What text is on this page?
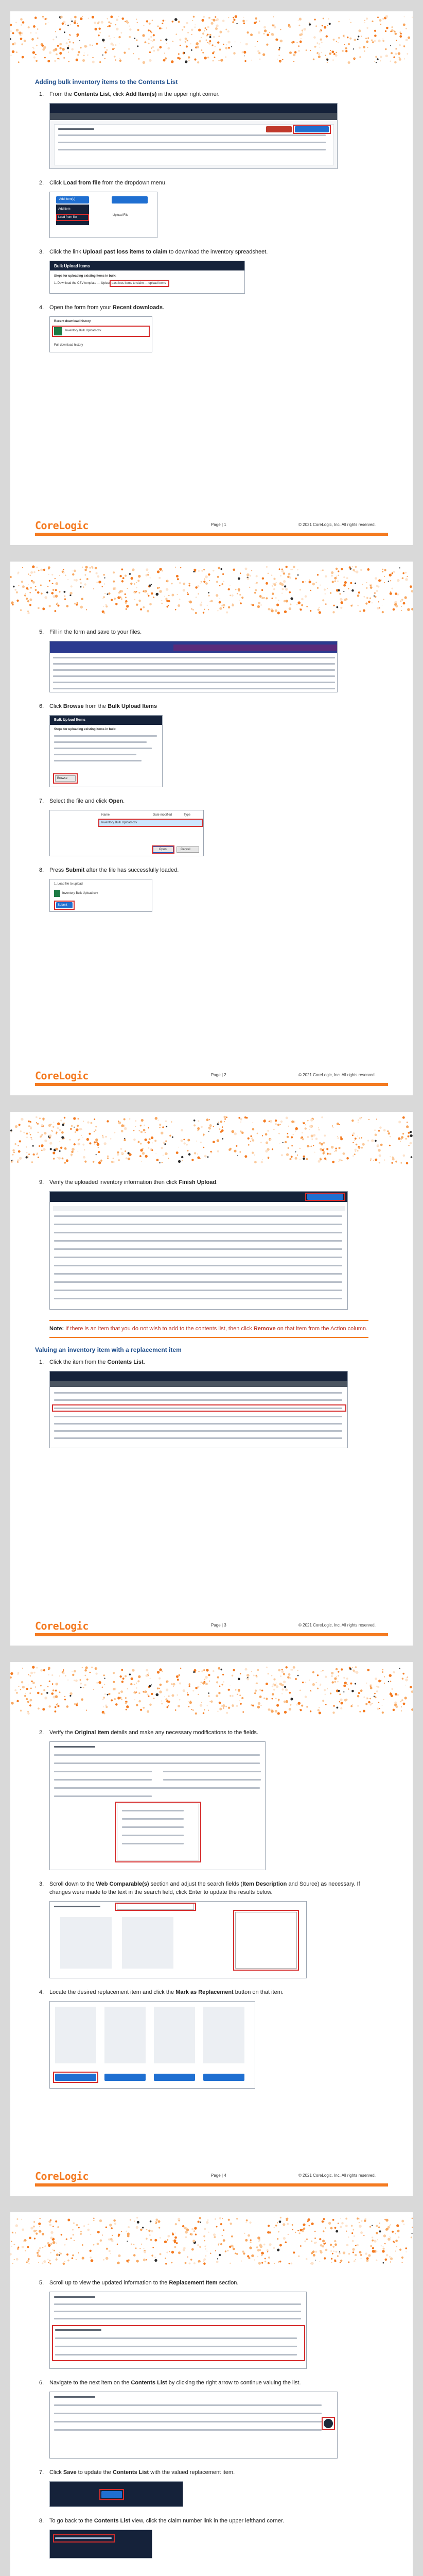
Adding bulk inventory items to the Contents List
1. From the Contents List, click Add Item(s) in the upper right corner.
2. Click Load from file from the dropdown menu.
Add Item(s)
Add item
Load from file
Upload File
3. Click the link Upload past loss items to claim to download the inventory spreadsheet.
Bulk Upload Items
Steps for uploading existing items in bulk:
1. Download the CSV template — Upload past loss items to claim — upload items
4. Open the form from your Recent downloads.
Recent download history
Inventory Bulk Upload.csv
Full download history
CoreLogic	Page | 1	© 2021 CoreLogic, Inc. All rights reserved.
5. Fill in the form and save to your files.
6. Click Browse from the Bulk Upload Items
Bulk Upload Items
Steps for uploading existing items in bulk:
Browse
7. Select the file and click Open.
Name	Date modified	Type
Inventory Bulk Upload.csv
Open	Cancel
8. Press Submit after the file has successfully loaded.
1. Load file to upload
Inventory Bulk Upload.csv
Submit
CoreLogic	Page | 2	© 2021 CoreLogic, Inc. All rights reserved.
9. Verify the uploaded inventory information then click Finish Upload.
Note: If there is an item that you do not wish to add to the contents list, then click Remove on that item from the Action column.
Valuing an inventory item with a replacement item
1. Click the item from the Contents List.
CoreLogic	Page | 3	© 2021 CoreLogic, Inc. All rights reserved.
2. Verify the Original Item details and make any necessary modifications to the fields.
3. Scroll down to the Web Comparable(s) section and adjust the search fields (Item Description and Source) as necessary. If changes were made to the text in the search field, click Enter to update the results below.
4. Locate the desired replacement item and click the Mark as Replacement button on that item.
CoreLogic	Page | 4	© 2021 CoreLogic, Inc. All rights reserved.
5. Scroll up to view the updated information to the Replacement Item section.
6. Navigate to the next item on the Contents List by clicking the right arrow to continue valuing the list.
7. Click Save to update the Contents List with the valued replacement item.
8. To go back to the Contents List view, click the claim number link in the upper lefthand corner.
